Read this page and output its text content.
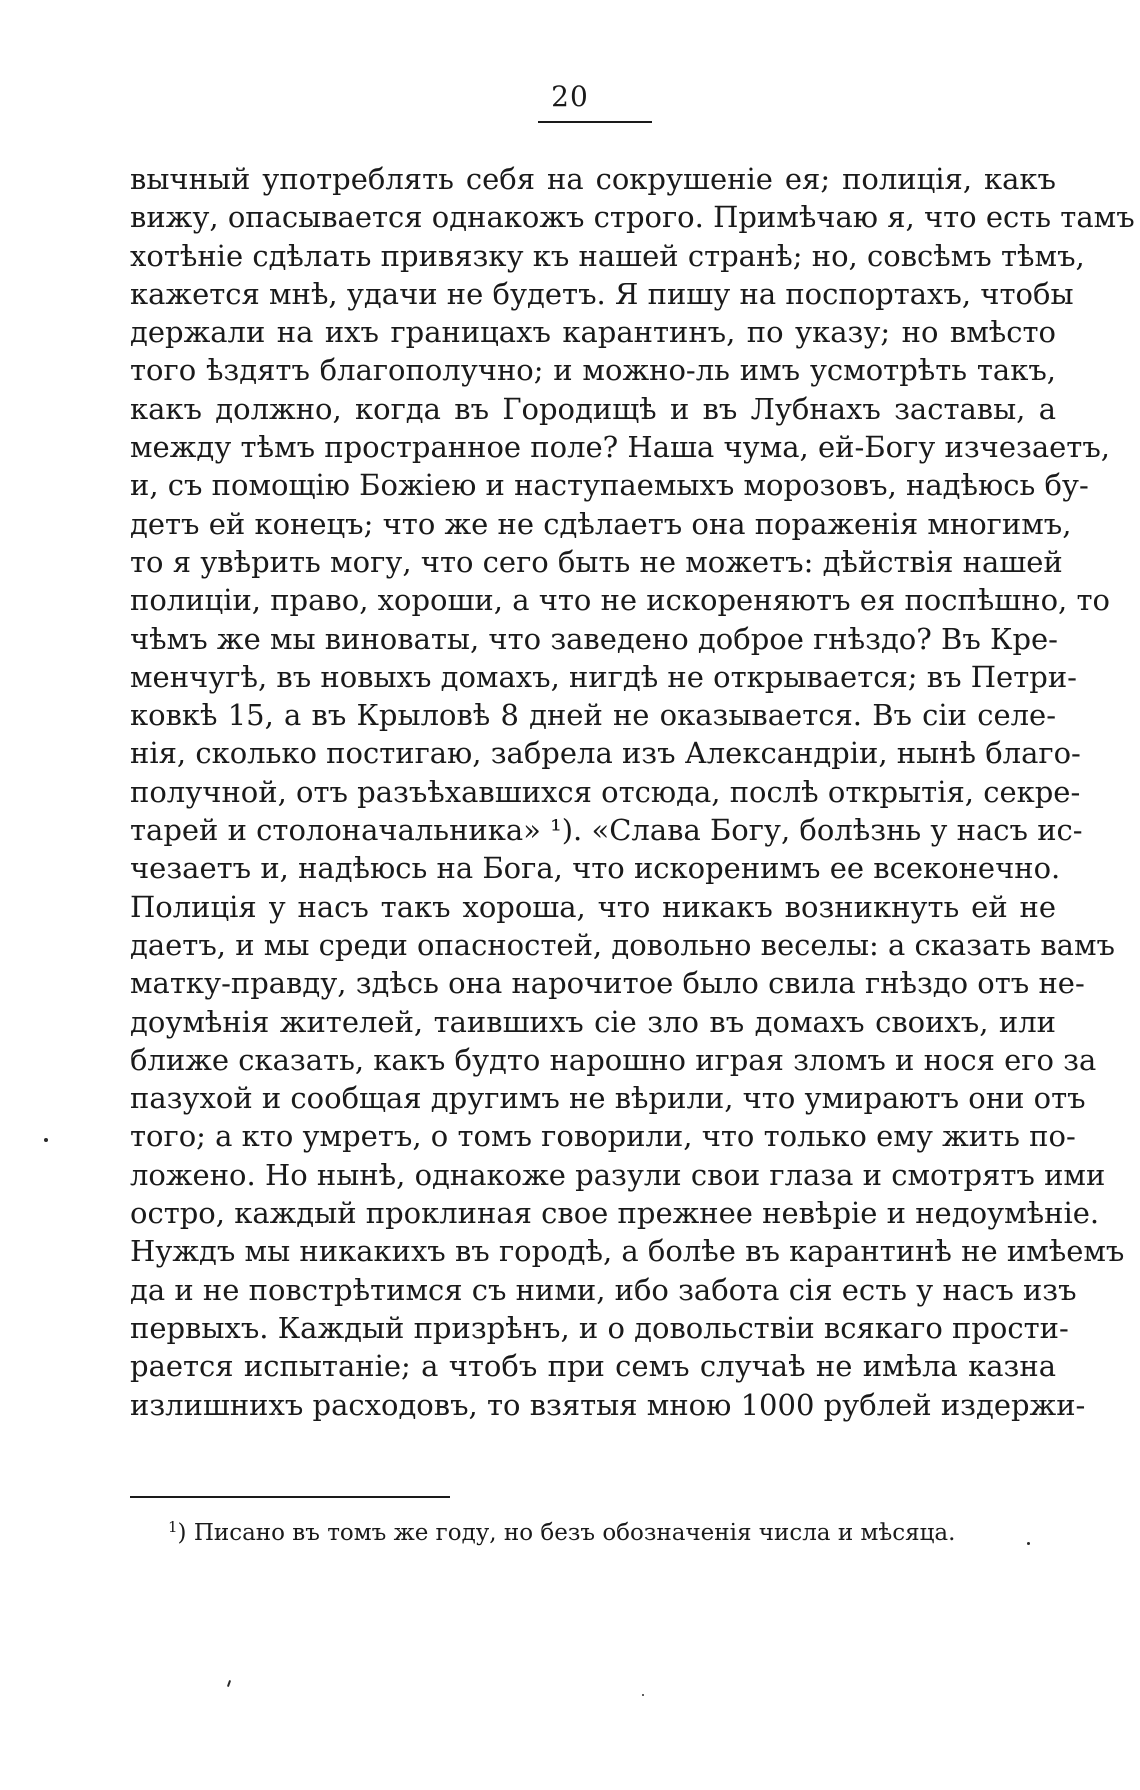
20
вычный употреблять себя на сокрушеніе ея; полиція, какъ
вижу, опасывается однакожъ строго. Примѣчаю я, что есть тамъ
хотѣніе сдѣлать привязку къ нашей странѣ; но, совсѣмъ тѣмъ,
кажется мнѣ, удачи не будетъ. Я пишу на поспортахъ, чтобы
держали на ихъ границахъ карантинъ, по указу; но вмѣсто
того ѣздятъ благополучно; и можно-ль имъ усмотрѣть такъ,
какъ должно, когда въ Городищѣ и въ Лубнахъ заставы, а
между тѣмъ пространное поле? Наша чума, ей-Богу изчезаетъ,
и, съ помощію Божіею и наступаемыхъ морозовъ, надѣюсь бу-
детъ ей конецъ; что же не сдѣлаетъ она пораженія многимъ,
то я увѣрить могу, что сего быть не можетъ: дѣйствія нашей
полиціи, право, хороши, а что не искореняютъ ея поспѣшно, то
чѣмъ же мы виноваты, что заведено доброе гнѣздо? Въ Кре-
менчугѣ, въ новыхъ домахъ, нигдѣ не открывается; въ Петри-
ковкѣ 15, а въ Крыловѣ 8 дней не оказывается. Въ сіи селе-
нія, сколько постигаю, забрела изъ Александріи, нынѣ благо-
получной, отъ разъѣхавшихся отсюда, послѣ открытія, секре-
тарей и столоначальника» ¹). «Слава Богу, болѣзнь у насъ ис-
чезаетъ и, надѣюсь на Бога, что искоренимъ ее всеконечно.
Полиція у насъ такъ хороша, что никакъ возникнуть ей не
даетъ, и мы среди опасностей, довольно веселы: а сказать вамъ
матку-правду, здѣсь она нарочитое было свила гнѣздо отъ не-
доумѣнія жителей, таившихъ сіе зло въ домахъ своихъ, или
ближе сказать, какъ будто нарошно играя зломъ и нося его за
пазухой и сообщая другимъ не вѣрили, что умираютъ они отъ
того; а кто умретъ, о томъ говорили, что только ему жить по-
ложено. Но нынѣ, однакоже разули свои глаза и смотрятъ ими
остро, каждый проклиная свое прежнее невѣріе и недоумѣніе.
Нуждъ мы никакихъ въ городѣ, а болѣе въ карантинѣ не имѣемъ
да и не повстрѣтимся съ ними, ибо забота сія есть у насъ изъ
первыхъ. Каждый призрѣнъ, и о довольствіи всякаго прости-
рается испытаніе; а чтобъ при семъ случаѣ не имѣла казна
излишнихъ расходовъ, то взятыя мною 1000 рублей издержи-
$^1$) Писано въ томъ же году, но безъ обозначенія числа и мѣсяца.
